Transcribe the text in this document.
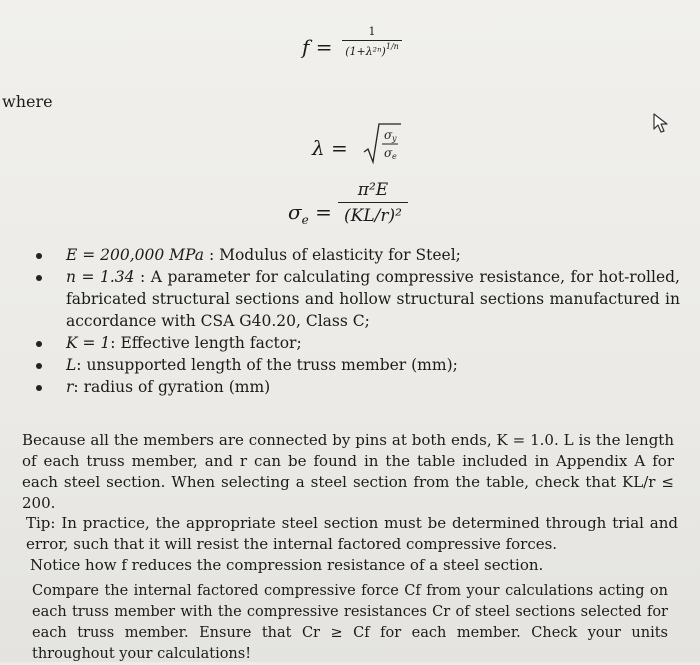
f =
1
$(1+\lambda^{2n})^{1/n}$
where
λ =
σ y
σ e
$\sigma_e$ =
π²E
(KL/r)²
E = 200,000 MPa : Modulus of elasticity for Steel;
n = 1.34 : A parameter for calculating compressive resistance, for hot-rolled, fabricated structural sections and hollow structural sections manufactured in accordance with CSA G40.20, Class C;
K = 1: Effective length factor;
L: unsupported length of the truss member (mm);
r: radius of gyration (mm)

Because all the members are connected by pins at both ends, K = 1.0. L is the length of each truss member, and r can be found in the table included in Appendix A for each steel section. When selecting a steel section from the table, check that KL/r ≤ 200.

Tip: In practice, the appropriate steel section must be determined through trial and error, such that it will resist the internal factored compressive forces.

Notice how f reduces the compression resistance of a steel section.

Compare the internal factored compressive force Cf from your calculations acting on each truss member with the compressive resistances Cr of steel sections selected for each truss member. Ensure that Cr ≥ Cf for each member. Check your units throughout your calculations!
